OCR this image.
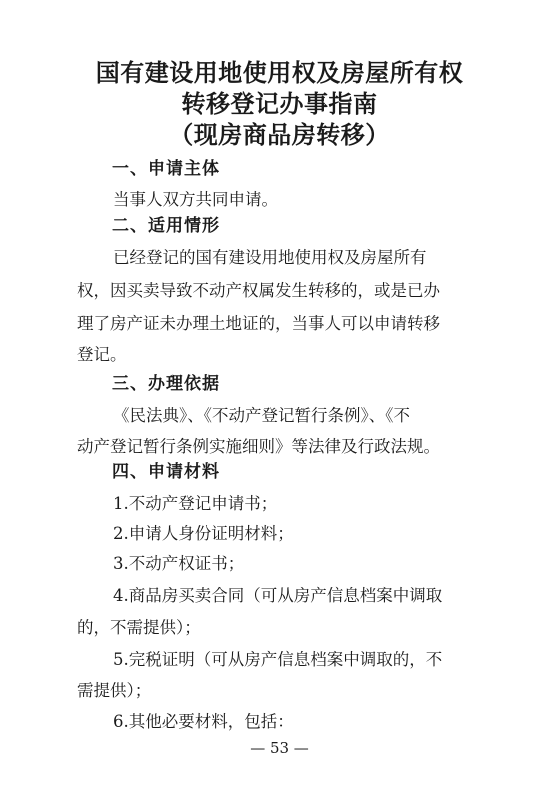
国有建设用地使用权及房屋所有权
转移登记办事指南
（现房商品房转移）
一、申请主体
当事人双方共同申请。
二、适用情形
已经登记的国有建设用地使用权及房屋所有
权，因买卖导致不动产权属发生转移的，或是已办
理了房产证未办理土地证的，当事人可以申请转移
登记。
三、办理依据
《民法典》、《不动产登记暂行条例》、《不
动产登记暂行条例实施细则》等法律及行政法规。
四、申请材料
1.不动产登记申请书；
2.申请人身份证明材料；
3.不动产权证书；
4.商品房买卖合同（可从房产信息档案中调取
的，不需提供）；
5.完税证明（可从房产信息档案中调取的，不
需提供）；
6.其他必要材料，包括：
— 53 —
